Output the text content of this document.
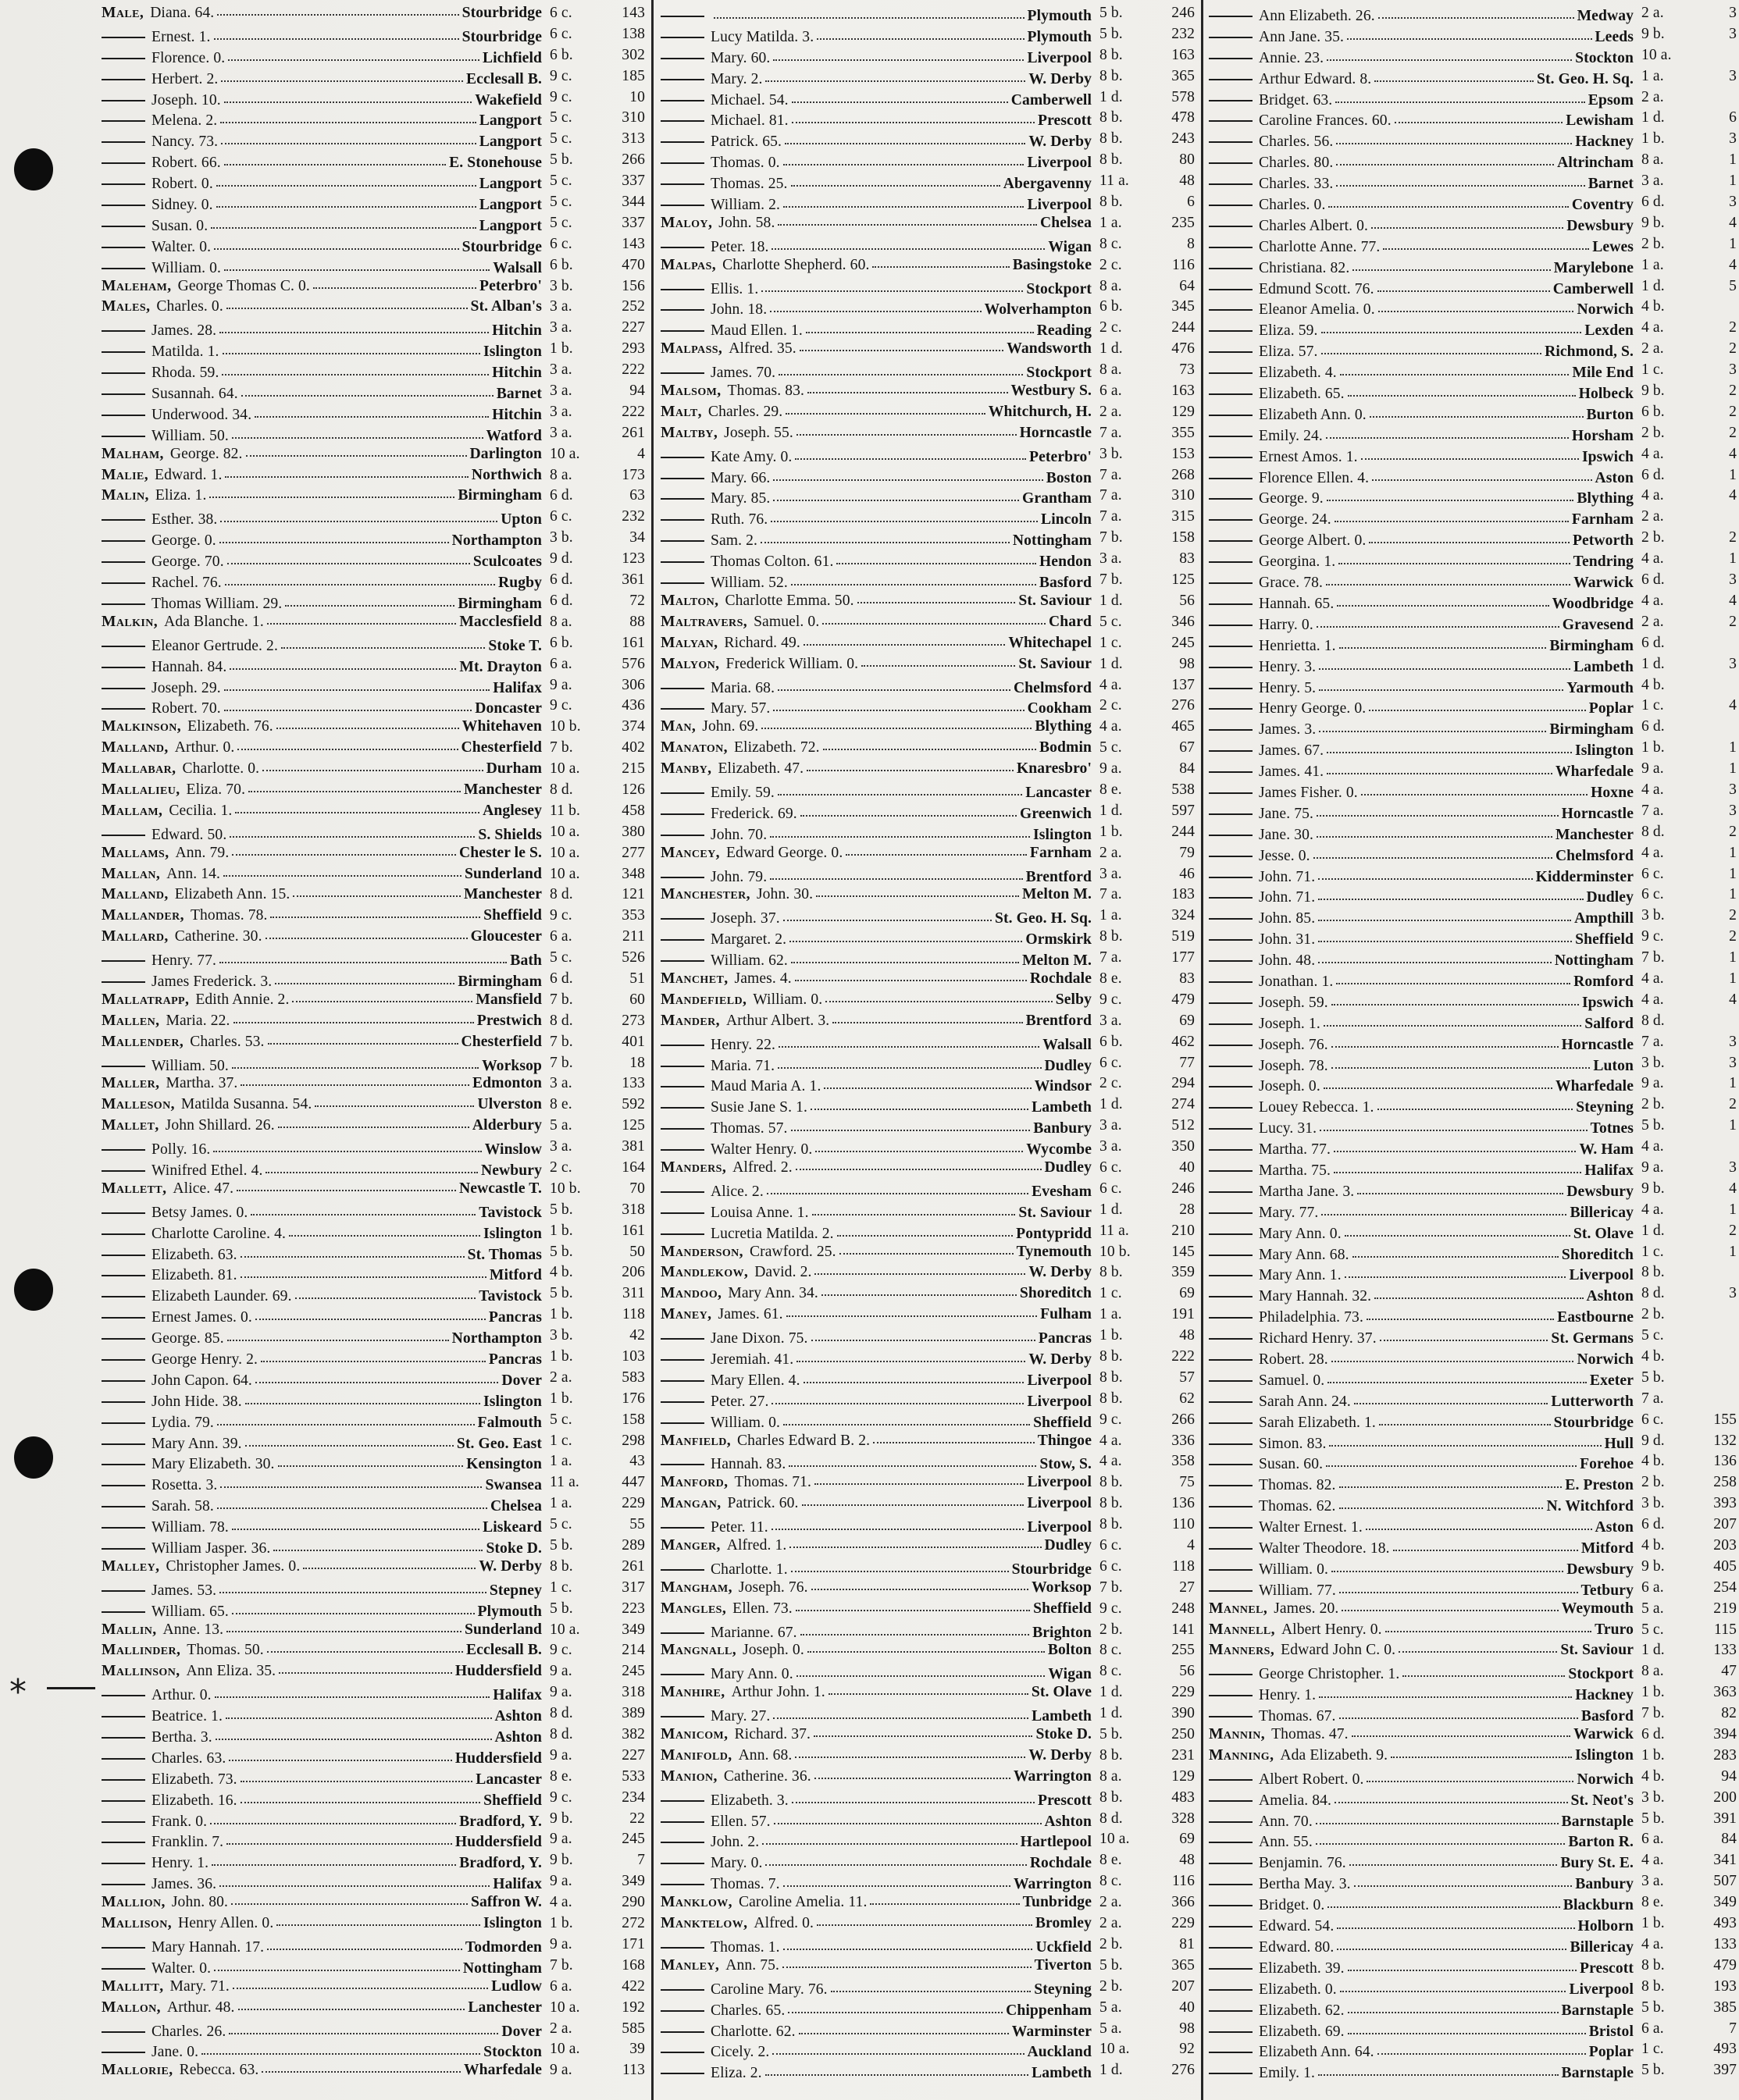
*
Male, Diana. 64.	Stourbridge 6 c.	143
Ernest. 1.	Stourbridge 6 c.	138
Florence. 0.	Lichfield 6 b.	302
Herbert. 2.	Ecclesall B. 9 c.	185
Joseph. 10.	Wakefield 9 c.	10
Melena. 2.	Langport 5 c.	310
Nancy. 73.	Langport 5 c.	313
Robert. 66.	E. Stonehouse 5 b.	266
Robert. 0.	Langport 5 c.	337
Sidney. 0.	Langport 5 c.	344
Susan. 0.	Langport 5 c.	337
Walter. 0.	Stourbridge 6 c.	143
William. 0.	Walsall 6 b.	470
Maleham, George Thomas C. 0.	Peterbro' 3 b.	156
Males, Charles. 0.	St. Alban's 3 a.	252
James. 28.	Hitchin 3 a.	227
Matilda. 1.	Islington 1 b.	293
Rhoda. 59.	Hitchin 3 a.	222
Susannah. 64.	Barnet 3 a.	94
Underwood. 34.	Hitchin 3 a.	222
William. 50.	Watford 3 a.	261
Malham, George. 82.	Darlington 10 a.	4
Malie, Edward. 1.	Northwich 8 a.	173
Malin, Eliza. 1.	Birmingham 6 d.	63
Esther. 38.	Upton 6 c.	232
George. 0.	Northampton 3 b.	34
George. 70.	Sculcoates 9 d.	123
Rachel. 76.	Rugby 6 d.	361
Thomas William. 29.	Birmingham 6 d.	72
Malkin, Ada Blanche. 1.	Macclesfield 8 a.	88
Eleanor Gertrude. 2.	Stoke T. 6 b.	161
Hannah. 84.	Mt. Drayton 6 a.	576
Joseph. 29.	Halifax 9 a.	306
Robert. 70.	Doncaster 9 c.	436
Malkinson, Elizabeth. 76.	Whitehaven 10 b.	374
Malland, Arthur. 0.	Chesterfield 7 b.	402
Mallabar, Charlotte. 0.	Durham 10 a.	215
Mallalieu, Eliza. 70.	Manchester 8 d.	126
Mallam, Cecilia. 1.	Anglesey 11 b.	458
Edward. 50.	S. Shields 10 a.	380
Mallams, Ann. 79.	Chester le S. 10 a.	277
Mallan, Ann. 14.	Sunderland 10 a.	348
Malland, Elizabeth Ann. 15.	Manchester 8 d.	121
Mallander, Thomas. 78.	Sheffield 9 c.	353
Mallard, Catherine. 30.	Gloucester 6 a.	211
Henry. 77.	Bath 5 c.	526
James Frederick. 3.	Birmingham 6 d.	51
Mallatrapp, Edith Annie. 2.	Mansfield 7 b.	60
Mallen, Maria. 22.	Prestwich 8 d.	273
Mallender, Charles. 53.	Chesterfield 7 b.	401
William. 50.	Worksop 7 b.	18
Maller, Martha. 37.	Edmonton 3 a.	133
Malleson, Matilda Susanna. 54.	Ulverston 8 e.	592
Mallet, John Shillard. 26.	Alderbury 5 a.	125
Polly. 16.	Winslow 3 a.	381
Winifred Ethel. 4.	Newbury 2 c.	164
Mallett, Alice. 47.	Newcastle T. 10 b.	70
Betsy James. 0.	Tavistock 5 b.	318
Charlotte Caroline. 4.	Islington 1 b.	161
Elizabeth. 63.	St. Thomas 5 b.	50
Elizabeth. 81.	Mitford 4 b.	206
Elizabeth Launder. 69.	Tavistock 5 b.	311
Ernest James. 0.	Pancras 1 b.	118
George. 85.	Northampton 3 b.	42
George Henry. 2.	Pancras 1 b.	103
John Capon. 64.	Dover 2 a.	583
John Hide. 38.	Islington 1 b.	176
Lydia. 79.	Falmouth 5 c.	158
Mary Ann. 39.	St. Geo. East 1 c.	298
Mary Elizabeth. 30.	Kensington 1 a.	43
Rosetta. 3.	Swansea 11 a.	447
Sarah. 58.	Chelsea 1 a.	229
William. 78.	Liskeard 5 c.	55
William Jasper. 36.	Stoke D. 5 b.	289
Malley, Christopher James. 0.	W. Derby 8 b.	261
James. 53.	Stepney 1 c.	317
William. 65.	Plymouth 5 b.	223
Mallin, Anne. 13.	Sunderland 10 a.	349
Mallinder, Thomas. 50.	Ecclesall B. 9 c.	214
Mallinson, Ann Eliza. 35.	Huddersfield 9 a.	245
Arthur. 0.	Halifax 9 a.	318
Beatrice. 1.	Ashton 8 d.	389
Bertha. 3.	Ashton 8 d.	382
Charles. 63.	Huddersfield 9 a.	227
Elizabeth. 73.	Lancaster 8 e.	533
Elizabeth. 16.	Sheffield 9 c.	234
Frank. 0.	Bradford, Y. 9 b.	22
Franklin. 7.	Huddersfield 9 a.	245
Henry. 1.	Bradford, Y. 9 b.	7
James. 36.	Halifax 9 a.	349
Mallion, John. 80.	Saffron W. 4 a.	290
Mallison, Henry Allen. 0.	Islington 1 b.	272
Mary Hannah. 17.	Todmorden 9 a.	171
Walter. 0.	Nottingham 7 b.	168
Mallitt, Mary. 71.	Ludlow 6 a.	422
Mallon, Arthur. 48.	Lanchester 10 a.	192
Charles. 26.	Dover 2 a.	585
Jane. 0.	Stockton 10 a.	39
Mallorie, Rebecca. 63.	Wharfedale 9 a.	113
Plymouth 5 b.	246
Lucy Matilda. 3.	Plymouth 5 b.	232
Mary. 60.	Liverpool 8 b.	163
Mary. 2.	W. Derby 8 b.	365
Michael. 54.	Camberwell 1 d.	578
Michael. 81.	Prescott 8 b.	478
Patrick. 65.	W. Derby 8 b.	243
Thomas. 0.	Liverpool 8 b.	80
Thomas. 25.	Abergavenny 11 a.	48
William. 2.	Liverpool 8 b.	6
Maloy, John. 58.	Chelsea 1 a.	235
Peter. 18.	Wigan 8 c.	8
Malpas, Charlotte Shepherd. 60.	Basingstoke 2 c.	116
Ellis. 1.	Stockport 8 a.	64
John. 18.	Wolverhampton 6 b.	345
Maud Ellen. 1.	Reading 2 c.	244
Malpass, Alfred. 35.	Wandsworth 1 d.	476
James. 70.	Stockport 8 a.	73
Malsom, Thomas. 83.	Westbury S. 6 a.	163
Malt, Charles. 29.	Whitchurch, H. 2 a.	129
Maltby, Joseph. 55.	Horncastle 7 a.	355
Kate Amy. 0.	Peterbro' 3 b.	153
Mary. 66.	Boston 7 a.	268
Mary. 85.	Grantham 7 a.	310
Ruth. 76.	Lincoln 7 a.	315
Sam. 2.	Nottingham 7 b.	158
Thomas Colton. 61.	Hendon 3 a.	83
William. 52.	Basford 7 b.	125
Malton, Charlotte Emma. 50.	St. Saviour 1 d.	56
Maltravers, Samuel. 0.	Chard 5 c.	346
Malyan, Richard. 49.	Whitechapel 1 c.	245
Malyon, Frederick William. 0.	St. Saviour 1 d.	98
Maria. 68.	Chelmsford 4 a.	137
Mary. 57.	Cookham 2 c.	276
Man, John. 69.	Blything 4 a.	465
Manaton, Elizabeth. 72.	Bodmin 5 c.	67
Manby, Elizabeth. 47.	Knaresbro' 9 a.	84
Emily. 59.	Lancaster 8 e.	538
Frederick. 69.	Greenwich 1 d.	597
John. 70.	Islington 1 b.	244
Mancey, Edward George. 0.	Farnham 2 a.	79
John. 79.	Brentford 3 a.	46
Manchester, John. 30.	Melton M. 7 a.	183
Joseph. 37.	St. Geo. H. Sq. 1 a.	324
Margaret. 2.	Ormskirk 8 b.	519
William. 62.	Melton M. 7 a.	177
Manchet, James. 4.	Rochdale 8 e.	83
Mandefield, William. 0.	Selby 9 c.	479
Mander, Arthur Albert. 3.	Brentford 3 a.	69
Henry. 22.	Walsall 6 b.	462
Maria. 71.	Dudley 6 c.	77
Maud Maria A. 1.	Windsor 2 c.	294
Susie Jane S. 1.	Lambeth 1 d.	274
Thomas. 57.	Banbury 3 a.	512
Walter Henry. 0.	Wycombe 3 a.	350
Manders, Alfred. 2.	Dudley 6 c.	40
Alice. 2.	Evesham 6 c.	246
Louisa Anne. 1.	St. Saviour 1 d.	28
Lucretia Matilda. 2.	Pontypridd 11 a.	210
Manderson, Crawford. 25.	Tynemouth 10 b.	145
Mandlekow, David. 2.	W. Derby 8 b.	359
Mandoo, Mary Ann. 34.	Shoreditch 1 c.	69
Maney, James. 61.	Fulham 1 a.	191
Jane Dixon. 75.	Pancras 1 b.	48
Jeremiah. 41.	W. Derby 8 b.	222
Mary Ellen. 4.	Liverpool 8 b.	57
Peter. 27.	Liverpool 8 b.	62
William. 0.	Sheffield 9 c.	266
Manfield, Charles Edward B. 2.	Thingoe 4 a.	336
Hannah. 83.	Stow, S. 4 a.	358
Manford, Thomas. 71.	Liverpool 8 b.	75
Mangan, Patrick. 60.	Liverpool 8 b.	136
Peter. 11.	Liverpool 8 b.	110
Manger, Alfred. 1.	Dudley 6 c.	4
Charlotte. 1.	Stourbridge 6 c.	118
Mangham, Joseph. 76.	Worksop 7 b.	27
Mangles, Ellen. 73.	Sheffield 9 c.	248
Marianne. 67.	Brighton 2 b.	141
Mangnall, Joseph. 0.	Bolton 8 c.	255
Mary Ann. 0.	Wigan 8 c.	56
Manhire, Arthur John. 1.	St. Olave 1 d.	229
Mary. 27.	Lambeth 1 d.	390
Manicom, Richard. 37.	Stoke D. 5 b.	250
Manifold, Ann. 68.	W. Derby 8 b.	231
Manion, Catherine. 36.	Warrington 8 a.	129
Elizabeth. 3.	Prescott 8 b.	483
Ellen. 57.	Ashton 8 d.	328
John. 2.	Hartlepool 10 a.	69
Mary. 0.	Rochdale 8 e.	48
Thomas. 7.	Warrington 8 c.	116
Manklow, Caroline Amelia. 11.	Tunbridge 2 a.	366
Manktelow, Alfred. 0.	Bromley 2 a.	229
Thomas. 1.	Uckfield 2 b.	81
Manley, Ann. 75.	Tiverton 5 b.	365
Caroline Mary. 76.	Steyning 2 b.	207
Charles. 65.	Chippenham 5 a.	40
Charlotte. 62.	Warminster 5 a.	98
Cicely. 2.	Auckland 10 a.	92
Eliza. 2.	Lambeth 1 d.	276
Ann Elizabeth. 26.	Medway 2 a.	3
Ann Jane. 35.	Leeds 9 b.	3
Annie. 23.	Stockton 10 a.
Arthur Edward. 8.	St. Geo. H. Sq. 1 a.	3
Bridget. 63.	Epsom 2 a.
Caroline Frances. 60.	Lewisham 1 d.	6
Charles. 56.	Hackney 1 b.	3
Charles. 80.	Altrincham 8 a.	1
Charles. 33.	Barnet 3 a.	1
Charles. 0.	Coventry 6 d.	3
Charles Albert. 0.	Dewsbury 9 b.	4
Charlotte Anne. 77.	Lewes 2 b.	1
Christiana. 82.	Marylebone 1 a.	4
Edmund Scott. 76.	Camberwell 1 d.	5
Eleanor Amelia. 0.	Norwich 4 b.
Eliza. 59.	Lexden 4 a.	2
Eliza. 57.	Richmond, S. 2 a.	2
Elizabeth. 4.	Mile End 1 c.	3
Elizabeth. 65.	Holbeck 9 b.	2
Elizabeth Ann. 0.	Burton 6 b.	2
Emily. 24.	Horsham 2 b.	2
Ernest Amos. 1.	Ipswich 4 a.	4
Florence Ellen. 4.	Aston 6 d.	1
George. 9.	Blything 4 a.	4
George. 24.	Farnham 2 a.
George Albert. 0.	Petworth 2 b.	2
Georgina. 1.	Tendring 4 a.	1
Grace. 78.	Warwick 6 d.	3
Hannah. 65.	Woodbridge 4 a.	4
Harry. 0.	Gravesend 2 a.	2
Henrietta. 1.	Birmingham 6 d.
Henry. 3.	Lambeth 1 d.	3
Henry. 5.	Yarmouth 4 b.
Henry George. 0.	Poplar 1 c.	4
James. 3.	Birmingham 6 d.
James. 67.	Islington 1 b.	1
James. 41.	Wharfedale 9 a.	1
James Fisher. 0.	Hoxne 4 a.	3
Jane. 75.	Horncastle 7 a.	3
Jane. 30.	Manchester 8 d.	2
Jesse. 0.	Chelmsford 4 a.	1
John. 71.	Kidderminster 6 c.	1
John. 71.	Dudley 6 c.	1
John. 85.	Ampthill 3 b.	2
John. 31.	Sheffield 9 c.	2
John. 48.	Nottingham 7 b.	1
Jonathan. 1.	Romford 4 a.	1
Joseph. 59.	Ipswich 4 a.	4
Joseph. 1.	Salford 8 d.
Joseph. 76.	Horncastle 7 a.	3
Joseph. 78.	Luton 3 b.	3
Joseph. 0.	Wharfedale 9 a.	1
Louey Rebecca. 1.	Steyning 2 b.	2
Lucy. 31.	Totnes 5 b.	1
Martha. 77.	W. Ham 4 a.
Martha. 75.	Halifax 9 a.	3
Martha Jane. 3.	Dewsbury 9 b.	4
Mary. 77.	Billericay 4 a.	1
Mary Ann. 0.	St. Olave 1 d.	2
Mary Ann. 68.	Shoreditch 1 c.	1
Mary Ann. 1.	Liverpool 8 b.
Mary Hannah. 32.	Ashton 8 d.	3
Philadelphia. 73.	Eastbourne 2 b.
Richard Henry. 37.	St. Germans 5 c.
Robert. 28.	Norwich 4 b.
Samuel. 0.	Exeter 5 b.
Sarah Ann. 24.	Lutterworth 7 a.
Sarah Elizabeth. 1.	Stourbridge 6 c.	155
Simon. 83.	Hull 9 d.	132
Susan. 60.	Forehoe 4 b.	136
Thomas. 82.	E. Preston 2 b.	258
Thomas. 62.	N. Witchford 3 b.	393
Walter Ernest. 1.	Aston 6 d.	207
Walter Theodore. 18.	Mitford 4 b.	203
William. 0.	Dewsbury 9 b.	405
William. 77.	Tetbury 6 a.	254
Mannel, James. 20.	Weymouth 5 a.	219
Mannell, Albert Henry. 0.	Truro 5 c.	115
Manners, Edward John C. 0.	St. Saviour 1 d.	133
George Christopher. 1.	Stockport 8 a.	47
Henry. 1.	Hackney 1 b.	363
Thomas. 67.	Basford 7 b.	82
Mannin, Thomas. 47.	Warwick 6 d.	394
Manning, Ada Elizabeth. 9.	Islington 1 b.	283
Albert Robert. 0.	Norwich 4 b.	94
Amelia. 84.	St. Neot's 3 b.	200
Ann. 70.	Barnstaple 5 b.	391
Ann. 55.	Barton R. 6 a.	84
Benjamin. 76.	Bury St. E. 4 a.	341
Bertha May. 3.	Banbury 3 a.	507
Bridget. 0.	Blackburn 8 e.	349
Edward. 54.	Holborn 1 b.	493
Edward. 80.	Billericay 4 a.	133
Elizabeth. 39.	Prescott 8 b.	479
Elizabeth. 0.	Liverpool 8 b.	193
Elizabeth. 62.	Barnstaple 5 b.	385
Elizabeth. 69.	Bristol 6 a.	7
Elizabeth Ann. 64.	Poplar 1 c.	493
Emily. 1.	Barnstaple 5 b.	397
